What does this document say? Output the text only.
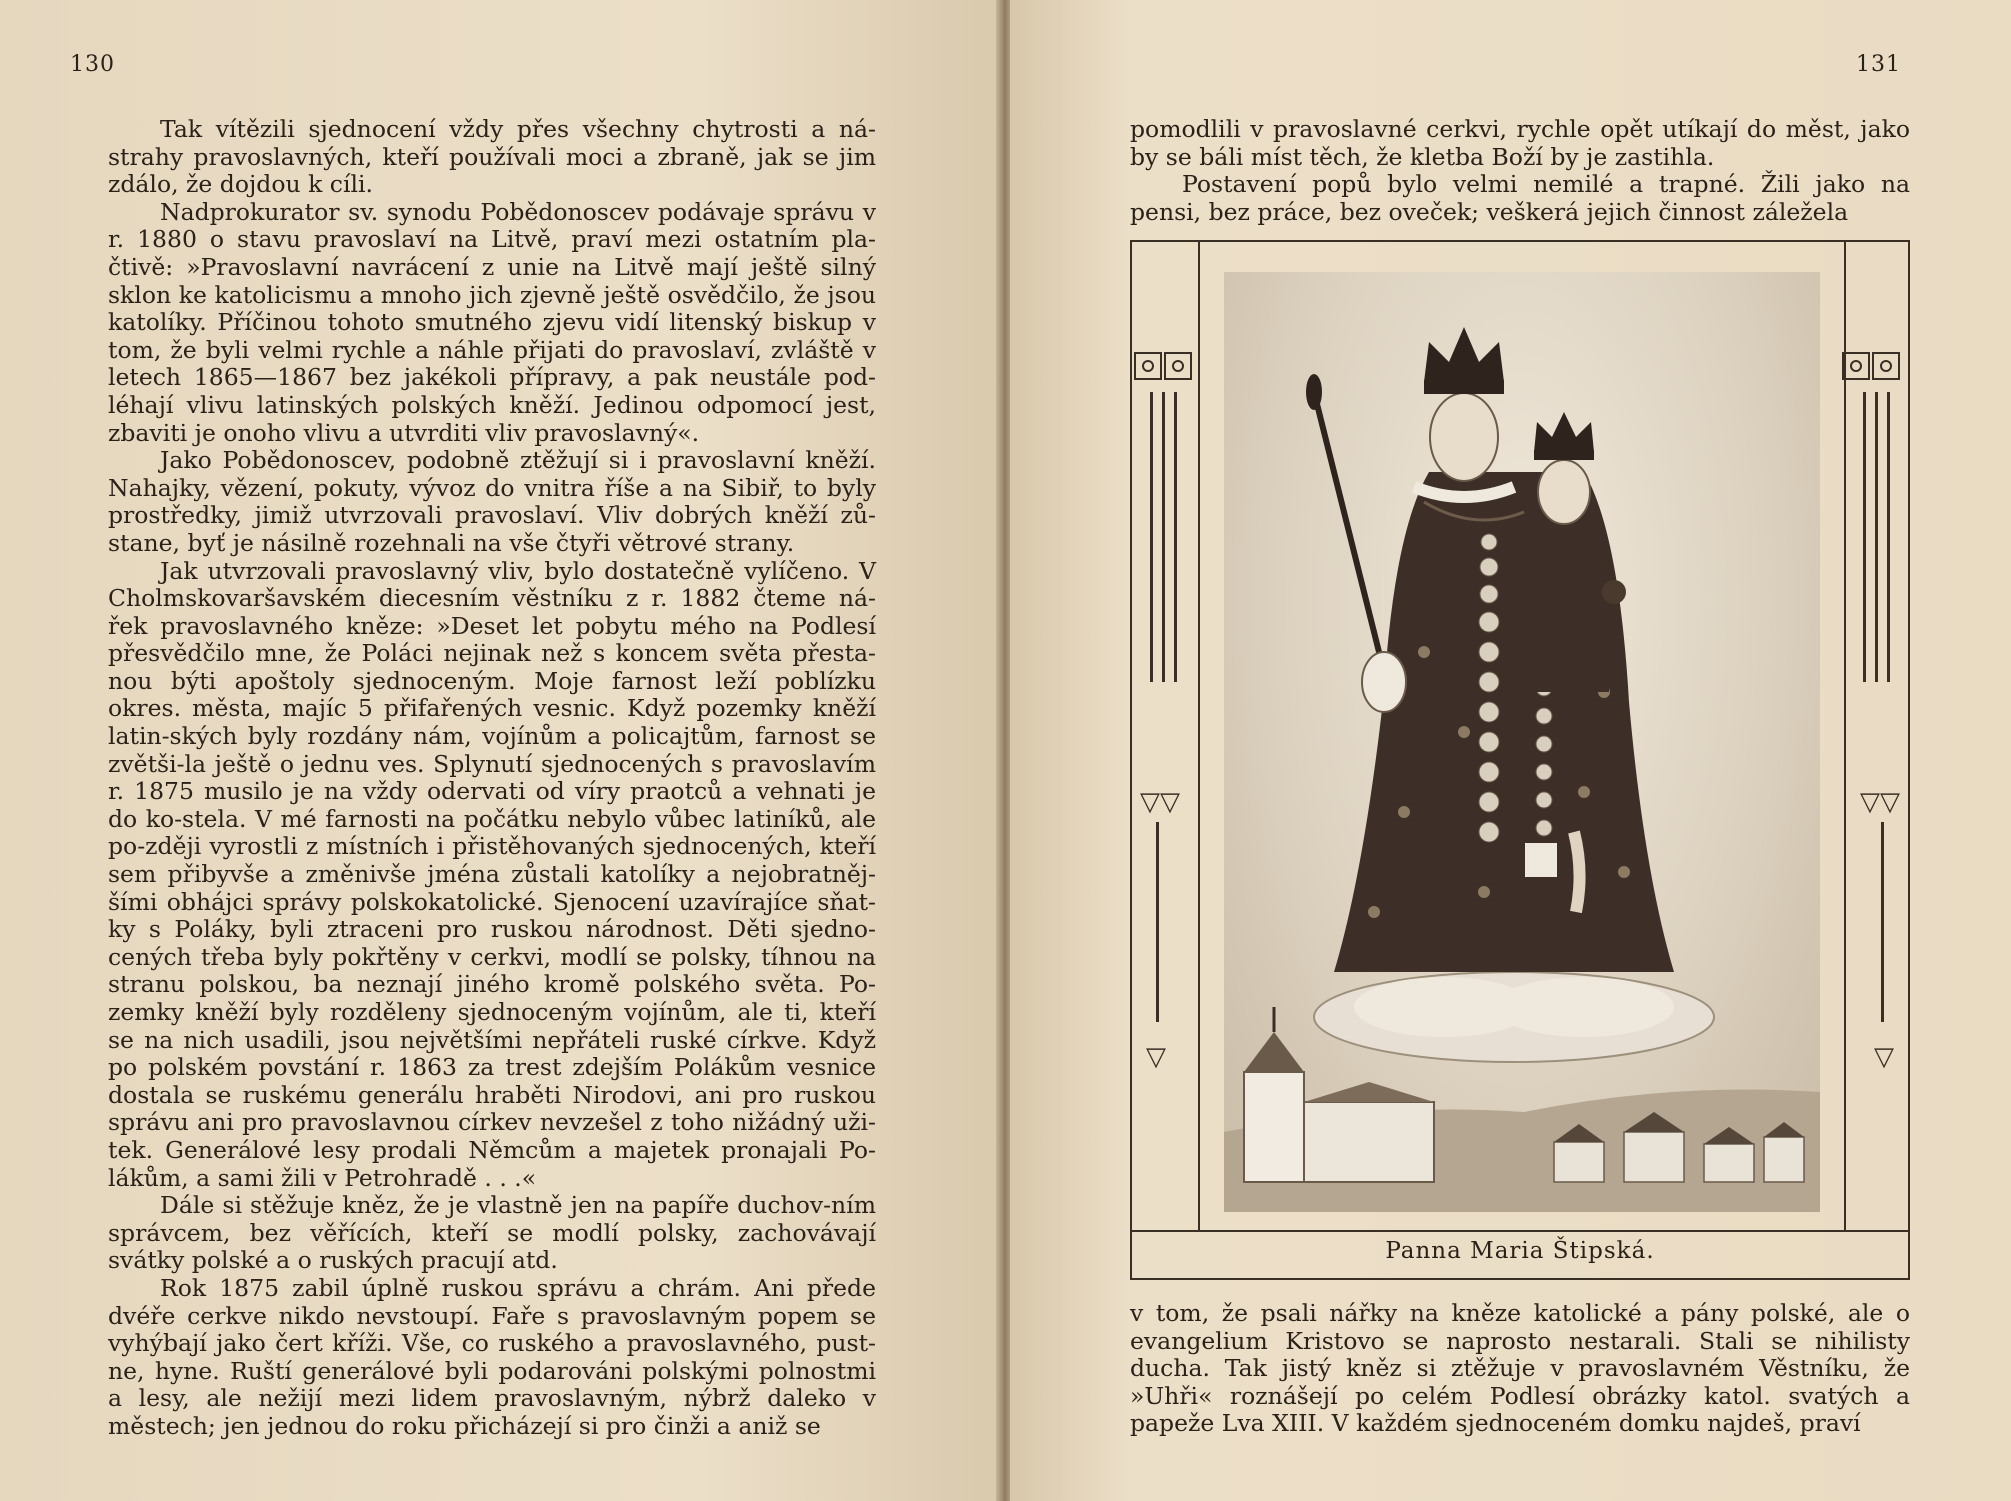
130

Tak vítězili sjednocení vždy přes všechny chytrosti a ná-strahy pravoslavných, kteří používali moci a zbraně, jak se jim zdálo, že dojdou k cíli.

Nadprokurator sv. synodu Pobědonoscev podávaje správu v r. 1880 o stavu pravoslaví na Litvě, praví mezi ostatním pla-čtivě: »Pravoslavní navrácení z unie na Litvě mají ještě silný sklon ke katolicismu a mnoho jich zjevně ještě osvědčilo, že jsou katolíky. Příčinou tohoto smutného zjevu vidí litenský biskup v tom, že byli velmi rychle a náhle přijati do pravoslaví, zvláště v letech 1865—1867 bez jakékoli přípravy, a pak neustále pod-léhají vlivu latinských polských kněží. Jedinou odpomocí jest, zbaviti je onoho vlivu a utvrditi vliv pravoslavný«.

Jako Pobědonoscev, podobně ztěžují si i pravoslavní kněží. Nahajky, vězení, pokuty, vývoz do vnitra říše a na Sibiř, to byly prostředky, jimiž utvrzovali pravoslaví. Vliv dobrých kněží zů-stane, byť je násilně rozehnali na vše čtyři větrové strany.

Jak utvrzovali pravoslavný vliv, bylo dostatečně vylíčeno. V Cholmskovaršavském diecesním věstníku z r. 1882 čteme ná-řek pravoslavného kněze: »Deset let pobytu mého na Podlesí přesvědčilo mne, že Poláci nejinak než s koncem světa přesta-nou býti apoštoly sjednoceným. Moje farnost leží poblízku okres. města, majíc 5 přifařených vesnic. Když pozemky kněží latin-ských byly rozdány nám, vojínům a policajtům, farnost se zvětši-la ještě o jednu ves. Splynutí sjednocených s pravoslavím r. 1875 musilo je na vždy odervati od víry praotců a vehnati je do ko-stela. V mé farnosti na počátku nebylo vůbec latiníků, ale po-zději vyrostli z místních i přistěhovaných sjednocených, kteří sem přibyvše a změnivše jména zůstali katolíky a nejobratněj-šími obhájci správy polskokatolické. Sjenocení uzavírajíce sňat-ky s Poláky, byli ztraceni pro ruskou národnost. Děti sjedno-cených třeba byly pokřtěny v cerkvi, modlí se polsky, tíhnou na stranu polskou, ba neznají jiného kromě polského světa. Po-zemky kněží byly rozděleny sjednoceným vojínům, ale ti, kteří se na nich usadili, jsou největšími nepřáteli ruské církve. Když po polském povstání r. 1863 za trest zdejším Polákům vesnice dostala se ruskému generálu hraběti Nirodovi, ani pro ruskou správu ani pro pravoslavnou církev nevzešel z toho nižádný uži-tek. Generálové lesy prodali Němcům a majetek pronajali Po-lákům, a sami žili v Petrohradě . . .«

Dále si stěžuje kněz, že je vlastně jen na papíře duchov-ním správcem, bez věřících, kteří se modlí polsky, zachovávají svátky polské a o ruských pracují atd.

Rok 1875 zabil úplně ruskou správu a chrám. Ani přede dvéře cerkve nikdo nevstoupí. Faře s pravoslavným popem se vyhýbají jako čert kříži. Vše, co ruského a pravoslavného, pust-ne, hyne. Ruští generálové byli podarováni polskými polnostmi a lesy, ale nežijí mezi lidem pravoslavným, nýbrž daleko v městech; jen jednou do roku přicházejí si pro činži a aniž se

131

pomodlili v pravoslavné cerkvi, rychle opět utíkají do měst, jako by se báli míst těch, že kletba Boží by je zastihla.

Postavení popů bylo velmi nemilé a trapné. Žili jako na pensi, bez práce, bez oveček; veškerá jejich činnost záležela

▽▽
▽
▽▽
▽
Panna Maria Štipská.

v tom, že psali nářky na kněze katolické a pány polské, ale o evangelium Kristovo se naprosto nestarali. Stali se nihilisty ducha. Tak jistý kněz si ztěžuje v pravoslavném Věstníku, že »Uhři« roznášejí po celém Podlesí obrázky katol. svatých a papeže Lva XIII. V každém sjednoceném domku najdeš, praví
